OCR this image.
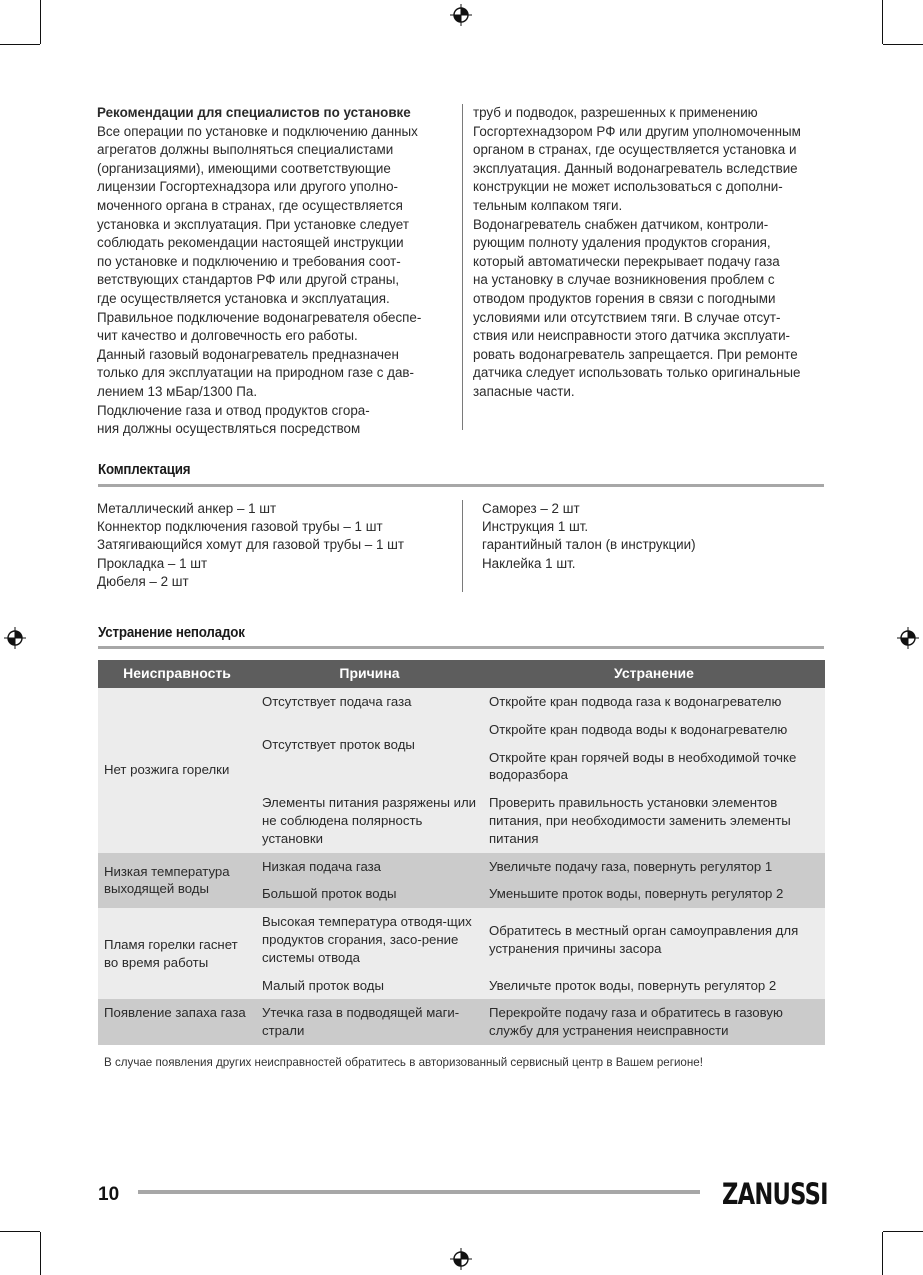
Рекомендации для специалистов по установке
Все операции по установке и подключению данных
агрегатов должны выполняться специалистами
(организациями), имеющими соответствующие
лицензии Госгортехнадзора или другого уполно-
моченного органа в странах, где осуществляется
установка и эксплуатация. При установке следует
соблюдать рекомендации настоящей инструкции
по установке и подключению и требования соот-
ветствующих стандартов РФ или другой страны,
где осуществляется установка и эксплуатация.
Правильное подключение водонагревателя обеспе-
чит качество и долговечность его работы.
Данный газовый водонагреватель предназначен
только для эксплуатации на природном газе с дав-
лением 13 мБар/1300 Па.
Подключение газа и отвод продуктов сгора-
ния должны осуществляться посредством
труб и подводок, разрешенных к применению
Госгортехнадзором РФ или другим уполномоченным
органом в странах, где осуществляется установка и
эксплуатация. Данный водонагреватель вследствие
конструкции не может использоваться с дополни-
тельным колпаком тяги.
Водонагреватель снабжен датчиком, контроли-
рующим полноту удаления продуктов сгорания,
который автоматически перекрывает подачу газа
на установку в случае возникновения проблем с
отводом продуктов горения в связи с погодными
условиями или отсутствием тяги. В случае отсут-
ствия или неисправности этого датчика эксплуати-
ровать водонагреватель запрещается. При ремонте
датчика следует использовать только оригинальные
запасные части.
Комплектация
Металлический анкер – 1 шт
Коннектор подключения газовой трубы – 1 шт
Затягивающийся хомут для газовой трубы – 1 шт
Прокладка – 1 шт
Дюбеля – 2 шт
Саморез – 2 шт
Инструкция 1 шт.
гарантийный талон (в инструкции)
Наклейка 1 шт.
Устранение неполадок
Неисправность	Причина	Устранение
Нет розжига горелки	Отсутствует подача газа	Откройте кран подвода газа к водонагревателю
	Отсутствует проток воды	Откройте кран подвода воды к водонагревателю
		Откройте кран горячей воды в необходимой точке водоразбора
	Элементы питания разряжены или не соблюдена полярность установки	Проверить правильность установки элементов питания, при необходимости заменить элементы питания
Низкая температура выходящей воды	Низкая подача газа	Увеличьте подачу газа, повернуть регулятор 1
	Большой проток воды	Уменьшите проток воды, повернуть регулятор 2
Пламя горелки гаснет во время работы	Высокая температура отводя-щих продуктов сгорания, засо-рение системы отвода	Обратитесь в местный орган самоуправления для устранения причины засора
	Малый проток воды	Увеличьте проток воды, повернуть регулятор 2
Появление запаха газа	Утечка газа в подводящей маги-страли	Перекройте подачу газа и обратитесь в газовую службу для устранения неисправности
В случае появления других неисправностей обратитесь в авторизованный сервисный центр в Вашем регионе!
10	ZANUSSI
